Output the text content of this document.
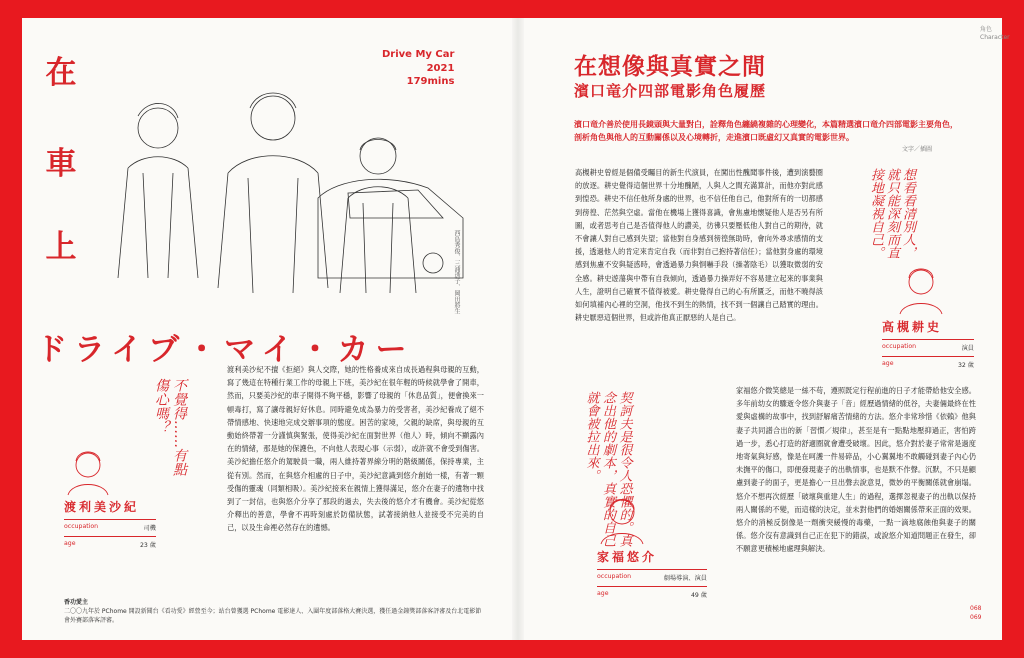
在
車
上
Drive My Car
2021
179mins
西島秀俊、三浦透子、岡田將生
ドライブ・マイ・カー
不覺得……有點傷心嗎？
渡利美沙紀
occupation	司機
age	23 歲
渡利美沙紀不擅《拒絕》與人交際，她的性格養成來自成長過程與母親的互動，寫了幾這在特種行業工作的母親上下班，美沙紀在很年輕的時候就學會了開車，然而，只要美沙紀的車子開得不夠平穩，影響了母親的「休息品質」，便會換來一頓毒打，寫了讓母親好好休息。同時避免成為暴力的受害者，美沙紀養成了絕不帶情感地、快速地完成交辦事項的態度。困苦的家境，父親的缺席，與母親的互動始終帶著一分謹慎與緊張，使得美沙紀在面對世界（他人）時，傾向不顯露內在的情緒，那是她的保護色，不向他人表現心事（示弱），或許就不會受到傷害。美沙紀擔任悠介的駕駛員一職，兩人維持著界線分明的階級關係，保持專業，主從有別。然而，在與悠介相處的日子中，美沙紀意識到悠介創始一樣，有著一顆受傷的靈魂（同類相吸）。美沙紀接來在親情上獲得滿足，悠介在妻子的遺物中找到了一封信，也與悠介分享了那段的過去，失去後的悠介才有機會。美沙紀從悠介釋出的善意，學會不再時刻處於防備狀態，試著接納他人並接受不完美的自己，以及生命裡必然存在的遺憾。
香功愛主
二〇〇九年於 PChome 開設新聞台《看功愛》經營至今；站台曾獲選 PChome 電影達人、入圍年度部落格大賽決選，獲任過金鐘獎部落客評審及台北電影節會外賽部落客評審。
角色 Character
在想像與真實之間
濱口竜介四部電影角色履歷
濱口竜介善於使用長鏡頭與大量對白，詮釋角色纏繞複雜的心理變化，本篇精選濱口竜介四部電影主要角色，剖析角色與他人的互動關係以及心境轉折，走進濱口既虛幻又真實的電影世界。
文字／插圖
高槻耕史曾經是個備受矚目的新生代演員，在闖出性醜聞事件後，遭到演藝圈的放逐。耕史覺得這個世界十分地醜陋，人與人之間充滿算計，而他亦對此感到惶恐。耕史不信任他所身處的世界，也不信任他自己，他對所有的一切都感到徬徨、茫然與空虛。當他在機場上獲得喜識，會焦慮地懷疑他人是否另有所圖，或者思考自己是否值得他人的讚美，彷彿只要壓低他人對自己的期待，就不會讓人對自己感到失望；當他對自身感到徬徨無助時，會向外尋求感情的支援，透過他人的肯定來肯定自我（而非對自己抱持著信任）；當他對身處的環境感到焦慮不安與疑惑時，會透過暴力與恫嚇手段（操著陰毛）以獲取微弱的安全感。耕史遊蕩與中帶有自我傾向，透過暴力操弄好不容易建立起來的事業與人生，證明自己確實不值得被愛。耕史覺得自己的心有所匱乏，而他不曉得該如何填補內心裡的空洞，他找不到生的熱情，找不到一個讓自己踏實的理由。耕史厭惡這個世界，但或許他真正厭惡的人是自己。
想看看清別人，就只能深刻而直接地凝視自己。
高槻耕史
occupation	演員
age	32 歲
契訶夫是很令人恐懼的。真念出他的劇本，真實的自己就會被拉出來。
家福悠介
occupation	劇場導演、演員
age	49 歲
家福悠介微笑總是一絲不苟，遵照既定行程前進的日子才能帶給他安全感。多年前幼女的驟逝令悠介與妻子「音」經歷過情緒的低谷，夫妻倆最終在性愛與虛構的故事中，找到舒解痛苦情緒的方法。悠介非常珍惜《依賴》他與妻子共同譜合出的新「習慣／規律」，甚至是有一點點地壓抑過正，害怕跨過一步，悉心打造的舒適圈就會遭受破壞。因此，悠介對於妻子常常是過度地寄氣與好感，像是在呵護一件易碎品，小心翼翼地不敢觸碰到妻子內心仍未撫平的傷口，即便發現妻子的出軌情事，也是默不作聲。沉默，不只是顧慮到妻子的面子，更是擔心一旦出聲去說意見，微妙的平衡關係就會崩塌。悠介不想再次經歷「破壞與重建人生」的過程，選擇忽視妻子的出軌以保持兩人關係的不變，而這樣的決定，並未對他們的婚姻關係帶來正面的效果。悠介的消極反倒像是一劑衝突緩慢的毒藥，一點一滴地腐蝕他與妻子的關係。悠介沒有意識到自己正在犯下的錯誤，或說悠介知道問題正在發生，卻不願意更積極地處理與解決。
068
069
